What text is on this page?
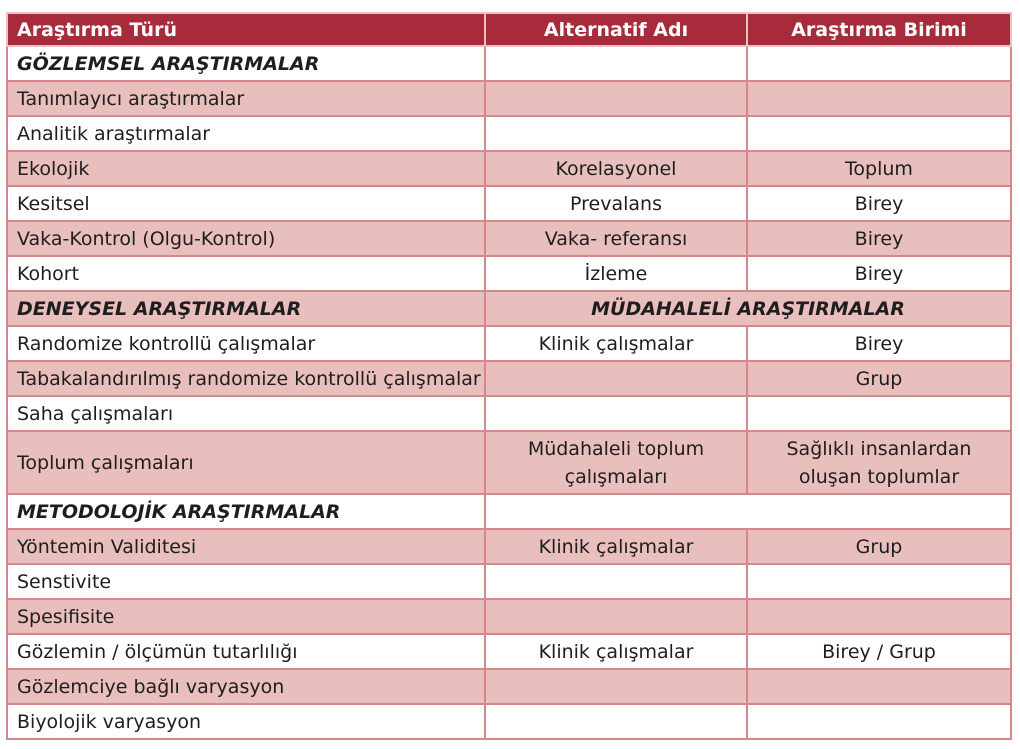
Araştırma Türü	Alternatif Adı	Araştırma Birimi
GÖZLEMSEL ARAŞTIRMALAR		
Tanımlayıcı araştırmalar		
Analitik araştırmalar		
Ekolojik	Korelasyonel	Toplum
Kesitsel	Prevalans	Birey
Vaka-Kontrol (Olgu-Kontrol)	Vaka- referansı	Birey
Kohort	İzleme	Birey
DENEYSEL ARAŞTIRMALAR	MÜDAHALELİ ARAŞTIRMALAR	
Randomize kontrollü çalışmalar	Klinik çalışmalar	Birey
Tabakalandırılmış randomize kontrollü çalışmalar		Grup
Saha çalışmaları		
Toplum çalışmaları	Müdahaleli toplum çalışmaları	Sağlıklı insanlardan oluşan toplumlar
METODOLOJİK ARAŞTIRMALAR		
Yöntemin Validitesi	Klinik çalışmalar	Grup
Senstivite		
Spesifisite		
Gözlemin / ölçümün tutarlılığı	Klinik çalışmalar	Birey / Grup
Gözlemciye bağlı varyasyon		
Biyolojik varyasyon		
